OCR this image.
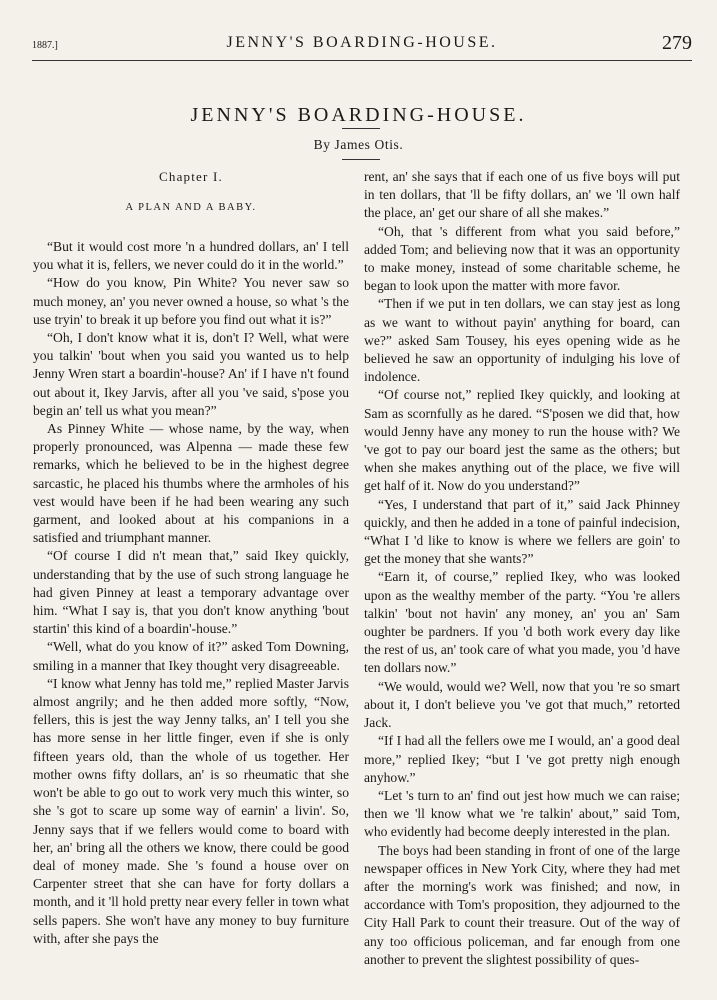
1887.]	JENNY'S BOARDING-HOUSE.	279
JENNY'S BOARDING-HOUSE.
By James Otis.
Chapter I.
A PLAN AND A BABY.

“But it would cost more 'n a hundred dollars, an' I tell you what it is, fellers, we never could do it in the world.”

“How do you know, Pin White? You never saw so much money, an' you never owned a house, so what 's the use tryin' to break it up before you find out what it is?”

“Oh, I don't know what it is, don't I? Well, what were you talkin' 'bout when you said you wanted us to help Jenny Wren start a boardin'-house? An' if I have n't found out about it, Ikey Jarvis, after all you 've said, s'pose you begin an' tell us what you mean?”

As Pinney White — whose name, by the way, when properly pronounced, was Alpenna — made these few remarks, which he believed to be in the highest degree sarcastic, he placed his thumbs where the armholes of his vest would have been if he had been wearing any such garment, and looked about at his companions in a satisfied and triumphant manner.

“Of course I did n't mean that,” said Ikey quickly, understanding that by the use of such strong language he had given Pinney at least a temporary advantage over him. “What I say is, that you don't know anything 'bout startin' this kind of a boardin'-house.”

“Well, what do you know of it?” asked Tom Downing, smiling in a manner that Ikey thought very disagreeable.

“I know what Jenny has told me,” replied Master Jarvis almost angrily; and he then added more softly, “Now, fellers, this is jest the way Jenny talks, an' I tell you she has more sense in her little finger, even if she is only fifteen years old, than the whole of us together. Her mother owns fifty dollars, an' is so rheumatic that she won't be able to go out to work very much this winter, so she 's got to scare up some way of earnin' a livin'. So, Jenny says that if we fellers would come to board with her, an' bring all the others we know, there could be good deal of money made. She 's found a house over on Carpenter street that she can have for forty dollars a month, and it 'll hold pretty near every feller in town what sells papers. She won't have any money to buy furniture with, after she pays the

rent, an' she says that if each one of us five boys will put in ten dollars, that 'll be fifty dollars, an' we 'll own half the place, an' get our share of all she makes.”

“Oh, that 's different from what you said before,” added Tom; and believing now that it was an opportunity to make money, instead of some charitable scheme, he began to look upon the matter with more favor.

“Then if we put in ten dollars, we can stay jest as long as we want to without payin' anything for board, can we?” asked Sam Tousey, his eyes opening wide as he believed he saw an opportunity of indulging his love of indolence.

“Of course not,” replied Ikey quickly, and looking at Sam as scornfully as he dared. “S'posen we did that, how would Jenny have any money to run the house with? We 've got to pay our board jest the same as the others; but when she makes anything out of the place, we five will get half of it. Now do you understand?”

“Yes, I understand that part of it,” said Jack Phinney quickly, and then he added in a tone of painful indecision, “What I 'd like to know is where we fellers are goin' to get the money that she wants?”

“Earn it, of course,” replied Ikey, who was looked upon as the wealthy member of the party. “You 're allers talkin' 'bout not havin' any money, an' you an' Sam oughter be pardners. If you 'd both work every day like the rest of us, an' took care of what you made, you 'd have ten dollars now.”

“We would, would we? Well, now that you 're so smart about it, I don't believe you 've got that much,” retorted Jack.

“If I had all the fellers owe me I would, an' a good deal more,” replied Ikey; “but I 've got pretty nigh enough anyhow.”

“Let 's turn to an' find out jest how much we can raise; then we 'll know what we 're talkin' about,” said Tom, who evidently had become deeply interested in the plan.

The boys had been standing in front of one of the large newspaper offices in New York City, where they had met after the morning's work was finished; and now, in accordance with Tom's proposition, they adjourned to the City Hall Park to count their treasure. Out of the way of any too officious policeman, and far enough from one another to prevent the slightest possibility of ques-
